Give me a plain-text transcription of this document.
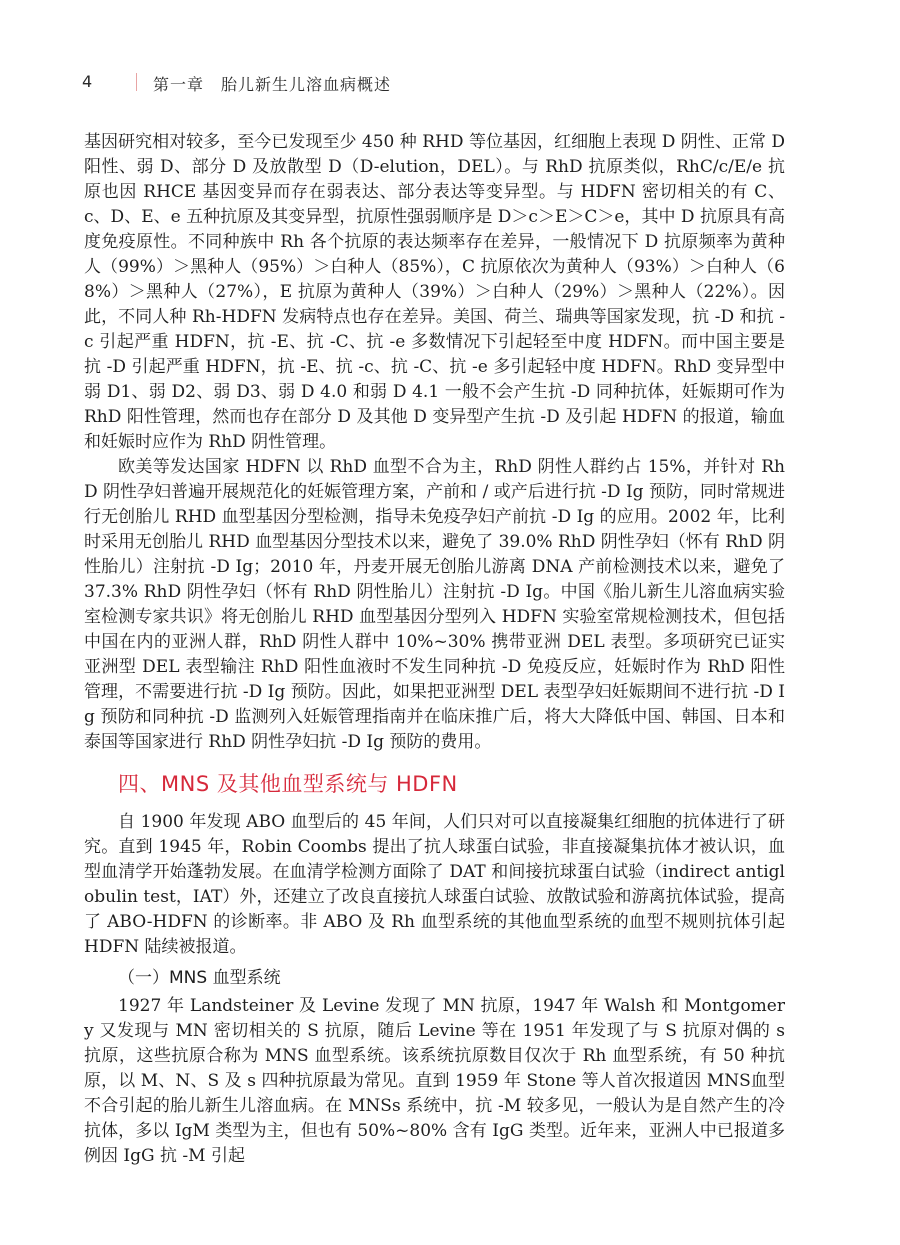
4	第一章　胎儿新生儿溶血病概述

基因研究相对较多，至今已发现至少 450 种 RHD 等位基因，红细胞上表现 D 阴性、正常 D 阳性、弱 D、部分 D 及放散型 D（D-elution，DEL）。与 RhD 抗原类似，RhC/c/E/e 抗原也因 RHCE 基因变异而存在弱表达、部分表达等变异型。与 HDFN 密切相关的有 C、c、D、E、e 五种抗原及其变异型，抗原性强弱顺序是 D＞c＞E＞C＞e，其中 D 抗原具有高度免疫原性。不同种族中 Rh 各个抗原的表达频率存在差异，一般情况下 D 抗原频率为黄种人（99%）＞黑种人（95%）＞白种人（85%），C 抗原依次为黄种人（93%）＞白种人（68%）＞黑种人（27%），E 抗原为黄种人（39%）＞白种人（29%）＞黑种人（22%）。因此，不同人种 Rh-HDFN 发病特点也存在差异。美国、荷兰、瑞典等国家发现，抗 -D 和抗 -c 引起严重 HDFN，抗 -E、抗 -C、抗 -e 多数情况下引起轻至中度 HDFN。而中国主要是抗 -D 引起严重 HDFN，抗 -E、抗 -c、抗 -C、抗 -e 多引起轻中度 HDFN。RhD 变异型中弱 D1、弱 D2、弱 D3、弱 D 4.0 和弱 D 4.1 一般不会产生抗 -D 同种抗体，妊娠期可作为 RhD 阳性管理，然而也存在部分 D 及其他 D 变异型产生抗 -D 及引起 HDFN 的报道，输血和妊娠时应作为 RhD 阴性管理。

欧美等发达国家 HDFN 以 RhD 血型不合为主，RhD 阴性人群约占 15%，并针对 RhD 阴性孕妇普遍开展规范化的妊娠管理方案，产前和 / 或产后进行抗 -D Ig 预防，同时常规进行无创胎儿 RHD 血型基因分型检测，指导未免疫孕妇产前抗 -D Ig 的应用。2002 年，比利时采用无创胎儿 RHD 血型基因分型技术以来，避免了 39.0% RhD 阴性孕妇（怀有 RhD 阴性胎儿）注射抗 -D Ig；2010 年，丹麦开展无创胎儿游离 DNA 产前检测技术以来，避免了 37.3% RhD 阴性孕妇（怀有 RhD 阴性胎儿）注射抗 -D Ig。中国《胎儿新生儿溶血病实验室检测专家共识》将无创胎儿 RHD 血型基因分型列入 HDFN 实验室常规检测技术，但包括中国在内的亚洲人群，RhD 阴性人群中 10%~30% 携带亚洲 DEL 表型。多项研究已证实亚洲型 DEL 表型输注 RhD 阳性血液时不发生同种抗 -D 免疫反应，妊娠时作为 RhD 阳性管理，不需要进行抗 -D Ig 预防。因此，如果把亚洲型 DEL 表型孕妇妊娠期间不进行抗 -D Ig 预防和同种抗 -D 监测列入妊娠管理指南并在临床推广后，将大大降低中国、韩国、日本和泰国等国家进行 RhD 阴性孕妇抗 -D Ig 预防的费用。

四、MNS 及其他血型系统与 HDFN

自 1900 年发现 ABO 血型后的 45 年间，人们只对可以直接凝集红细胞的抗体进行了研究。直到 1945 年，Robin Coombs 提出了抗人球蛋白试验，非直接凝集抗体才被认识，血型血清学开始蓬勃发展。在血清学检测方面除了 DAT 和间接抗球蛋白试验（indirect antiglobulin test，IAT）外，还建立了改良直接抗人球蛋白试验、放散试验和游离抗体试验，提高了 ABO-HDFN 的诊断率。非 ABO 及 Rh 血型系统的其他血型系统的血型不规则抗体引起 HDFN 陆续被报道。

（一）MNS 血型系统

1927 年 Landsteiner 及 Levine 发现了 MN 抗原，1947 年 Walsh 和 Montgomery 又发现与 MN 密切相关的 S 抗原，随后 Levine 等在 1951 年发现了与 S 抗原对偶的 s 抗原，这些抗原合称为 MNS 血型系统。该系统抗原数目仅次于 Rh 血型系统，有 50 种抗原，以 M、N、S 及 s 四种抗原最为常见。直到 1959 年 Stone 等人首次报道因 MNS血型不合引起的胎儿新生儿溶血病。在 MNSs 系统中，抗 -M 较多见，一般认为是自然产生的冷抗体，多以 IgM 类型为主，但也有 50%~80% 含有 IgG 类型。近年来，亚洲人中已报道多例因 IgG 抗 -M 引起
